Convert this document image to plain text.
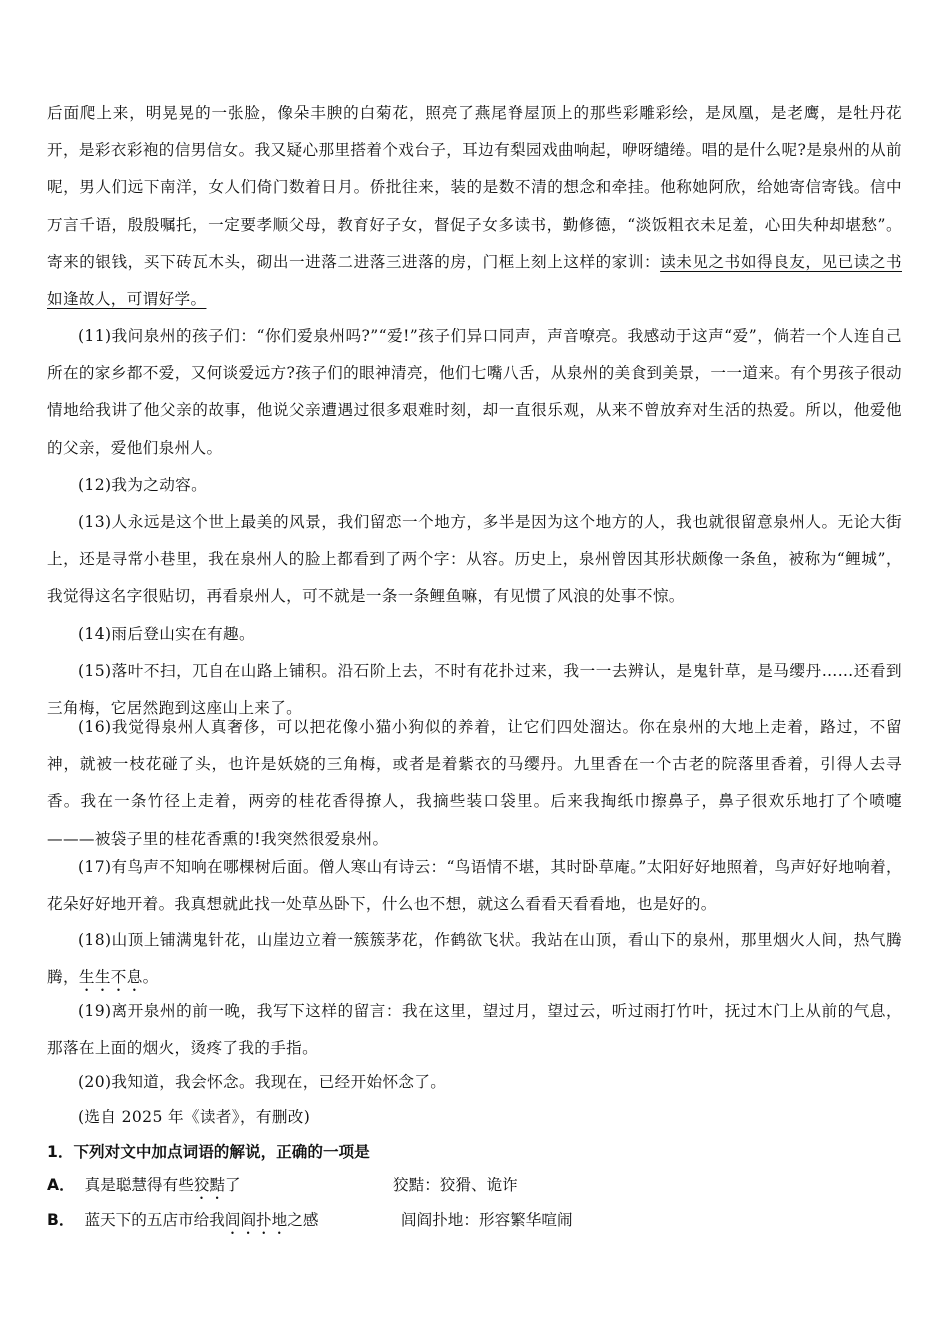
后面爬上来，明晃晃的一张脸，像朵丰腴的白菊花，照亮了燕尾脊屋顶上的那些彩雕彩绘，是凤凰，是老鹰，是牡丹花开，是彩衣彩袍的信男信女。我又疑心那里搭着个戏台子，耳边有梨园戏曲响起，咿呀缱绻。唱的是什么呢?是泉州的从前呢，男人们远下南洋，女人们倚门数着日月。侨批往来，装的是数不清的想念和牵挂。他称她阿欣，给她寄信寄钱。信中万言千语，殷殷嘱托，一定要孝顺父母，教育好子女，督促子女多读书，勤修德，“淡饭粗衣未足羞，心田失种却堪愁”。寄来的银钱，买下砖瓦木头，砌出一进落二进落三进落的房，门框上刻上这样的家训：读未见之书如得良友，见已读之书如逢故人，可谓好学。

(11)我问泉州的孩子们：“你们爱泉州吗?”“爱!”孩子们异口同声，声音嘹亮。我感动于这声“爱”，倘若一个人连自己所在的家乡都不爱，又何谈爱远方?孩子们的眼神清亮，他们七嘴八舌，从泉州的美食到美景，一一道来。有个男孩子很动情地给我讲了他父亲的故事，他说父亲遭遇过很多艰难时刻，却一直很乐观，从来不曾放弃对生活的热爱。所以，他爱他的父亲，爱他们泉州人。

(12)我为之动容。

(13)人永远是这个世上最美的风景，我们留恋一个地方，多半是因为这个地方的人，我也就很留意泉州人。无论大街上，还是寻常小巷里，我在泉州人的脸上都看到了两个字：从容。历史上，泉州曾因其形状颇像一条鱼，被称为“鲤城”，我觉得这名字很贴切，再看泉州人，可不就是一条一条鲤鱼嘛，有见惯了风浪的处事不惊。

(14)雨后登山实在有趣。

(15)落叶不扫，兀自在山路上铺积。沿石阶上去，不时有花扑过来，我一一去辨认，是鬼针草，是马缨丹……还看到三角梅，它居然跑到这座山上来了。

(16)我觉得泉州人真奢侈，可以把花像小猫小狗似的养着，让它们四处溜达。你在泉州的大地上走着，路过，不留神，就被一枝花碰了头，也许是妖娆的三角梅，或者是着紫衣的马缨丹。九里香在一个古老的院落里香着，引得人去寻香。我在一条竹径上走着，两旁的桂花香得撩人，我摘些装口袋里。后来我掏纸巾擦鼻子，鼻子很欢乐地打了个喷嚏———被袋子里的桂花香熏的!我突然很爱泉州。

(17)有鸟声不知响在哪棵树后面。僧人寒山有诗云：“鸟语情不堪，其时卧草庵。”太阳好好地照着，鸟声好好地响着，花朵好好地开着。我真想就此找一处草丛卧下，什么也不想，就这么看看天看看地，也是好的。

(18)山顶上铺满鬼针花，山崖边立着一簇簇茅花，作鹤欲飞状。我站在山顶，看山下的泉州，那里烟火人间，热气腾腾，生生不息。

(19)离开泉州的前一晚，我写下这样的留言：我在这里，望过月，望过云，听过雨打竹叶，抚过木门上从前的气息，那落在上面的烟火，烫疼了我的手指。

(20)我知道，我会怀念。我现在，已经开始怀念了。

(选自 2025 年《读者》，有删改)

1．下列对文中加点词语的解说，正确的一项是
A． 真是聪慧得有些狡黠了	狡黠：狡猾、诡诈
B． 蓝天下的五店市给我闾阎扑地之感	闾阎扑地：形容繁华喧闹
